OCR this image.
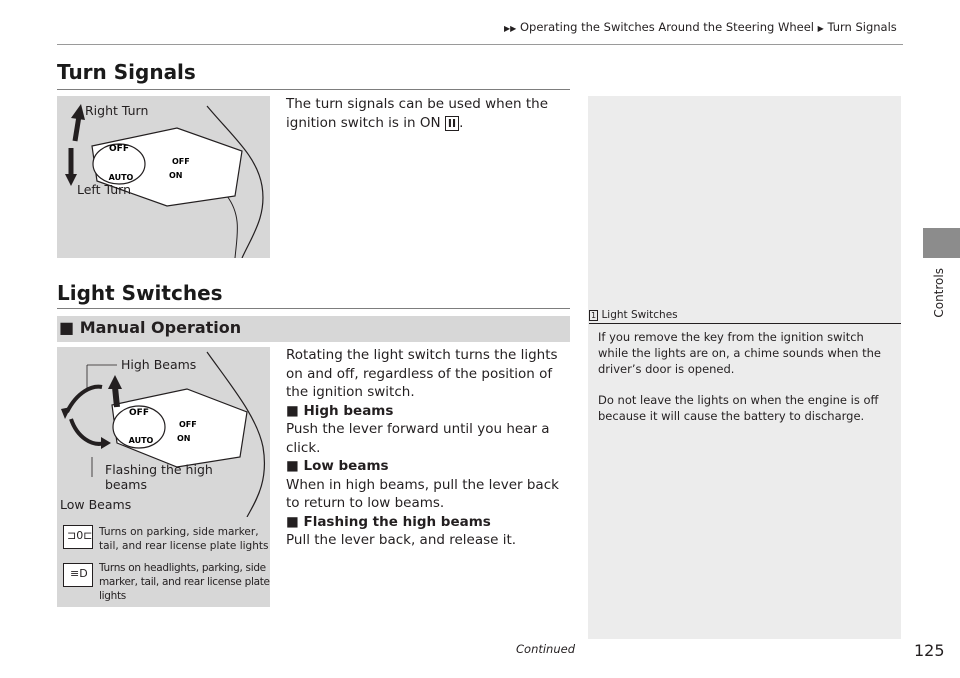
▶▶ Operating the Switches Around the Steering Wheel ▶ Turn Signals
Controls
Turn Signals
OFF
AUTO
OFF
ON
Right Turn
Left Turn
The turn signals can be used when the ignition switch is in ON II .
Light Switches
■ Manual Operation
OFF
AUTO
OFF
ON
High Beams
Flashing the high
beams
Low Beams
⊐0⊏ Turns on parking, side marker,
tail, and rear license plate lights
≡D Turns on headlights, parking, side
marker, tail, and rear license plate
lights
Rotating the light switch turns the lights on and off, regardless of the position of the ignition switch.
■ High beams
Push the lever forward until you hear a click.
■ Low beams
When in high beams, pull the lever back to return to low beams.
■ Flashing the high beams
Pull the lever back, and release it.
1 Light Switches
If you remove the key from the ignition switch while the lights are on, a chime sounds when the driver’s door is opened.
Do not leave the lights on when the engine is off because it will cause the battery to discharge.
Continued	125
